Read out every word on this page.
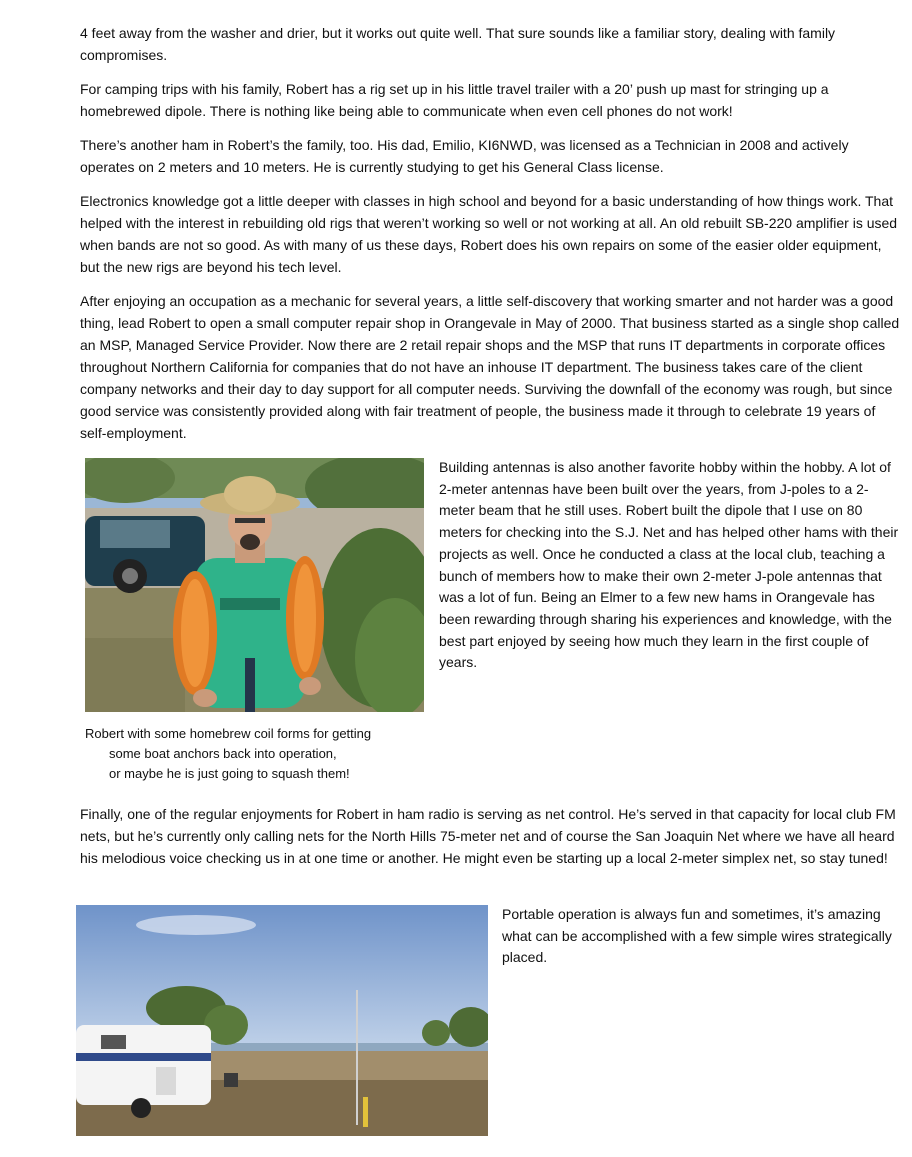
4 feet away from the washer and drier, but it works out quite well. That sure sounds like a familiar story, dealing with family compromises.

For camping trips with his family, Robert has a rig set up in his little travel trailer with a 20’ push up mast for stringing up a homebrewed dipole. There is nothing like being able to communicate when even cell phones do not work!

There’s another ham in Robert’s the family, too. His dad, Emilio, KI6NWD, was licensed as a Technician in 2008 and actively operates on 2 meters and 10 meters. He is currently studying to get his General Class license.

Electronics knowledge got a little deeper with classes in high school and beyond for a basic understanding of how things work. That helped with the interest in rebuilding old rigs that weren’t working so well or not working at all. An old rebuilt SB-220 amplifier is used when bands are not so good. As with many of us these days, Robert does his own repairs on some of the easier older equipment, but the new rigs are beyond his tech level.

After enjoying an occupation as a mechanic for several years, a little self-discovery that working smarter and not harder was a good thing, lead Robert to open a small computer repair shop in Orangevale in May of 2000. That business started as a single shop called an MSP, Managed Service Provider. Now there are 2 retail repair shops and the MSP that runs IT departments in corporate offices throughout Northern California for companies that do not have an inhouse IT department. The business takes care of the client company networks and their day to day support for all computer needs. Surviving the downfall of the economy was rough, but since good service was consistently provided along with fair treatment of people, the business made it through to celebrate 19 years of self-employment.

Building antennas is also another favorite hobby within the hobby. A lot of 2-meter antennas have been built over the years, from J-poles to a 2-meter beam that he still uses. Robert built the dipole that I use on 80 meters for checking into the S.J. Net and has helped other hams with their projects as well. Once he conducted a class at the local club, teaching a bunch of members how to make their own 2-meter J-pole antennas that was a lot of fun. Being an Elmer to a few new hams in Orangevale has been rewarding through sharing his experiences and knowledge, with the best part enjoyed by seeing how much they learn in the first couple of years.

Robert with some homebrew coil forms for getting
some boat anchors back into operation,
or maybe he is just going to squash them!

Finally, one of the regular enjoyments for Robert in ham radio is serving as net control. He’s served in that capacity for local club FM nets, but he’s currently only calling nets for the North Hills 75-meter net and of course the San Joaquin Net where we have all heard his melodious voice checking us in at one time or another. He might even be starting up a local 2-meter simplex net, so stay tuned!

Portable operation is always fun and sometimes, it’s amazing what can be accomplished with a few simple wires strategically placed.
